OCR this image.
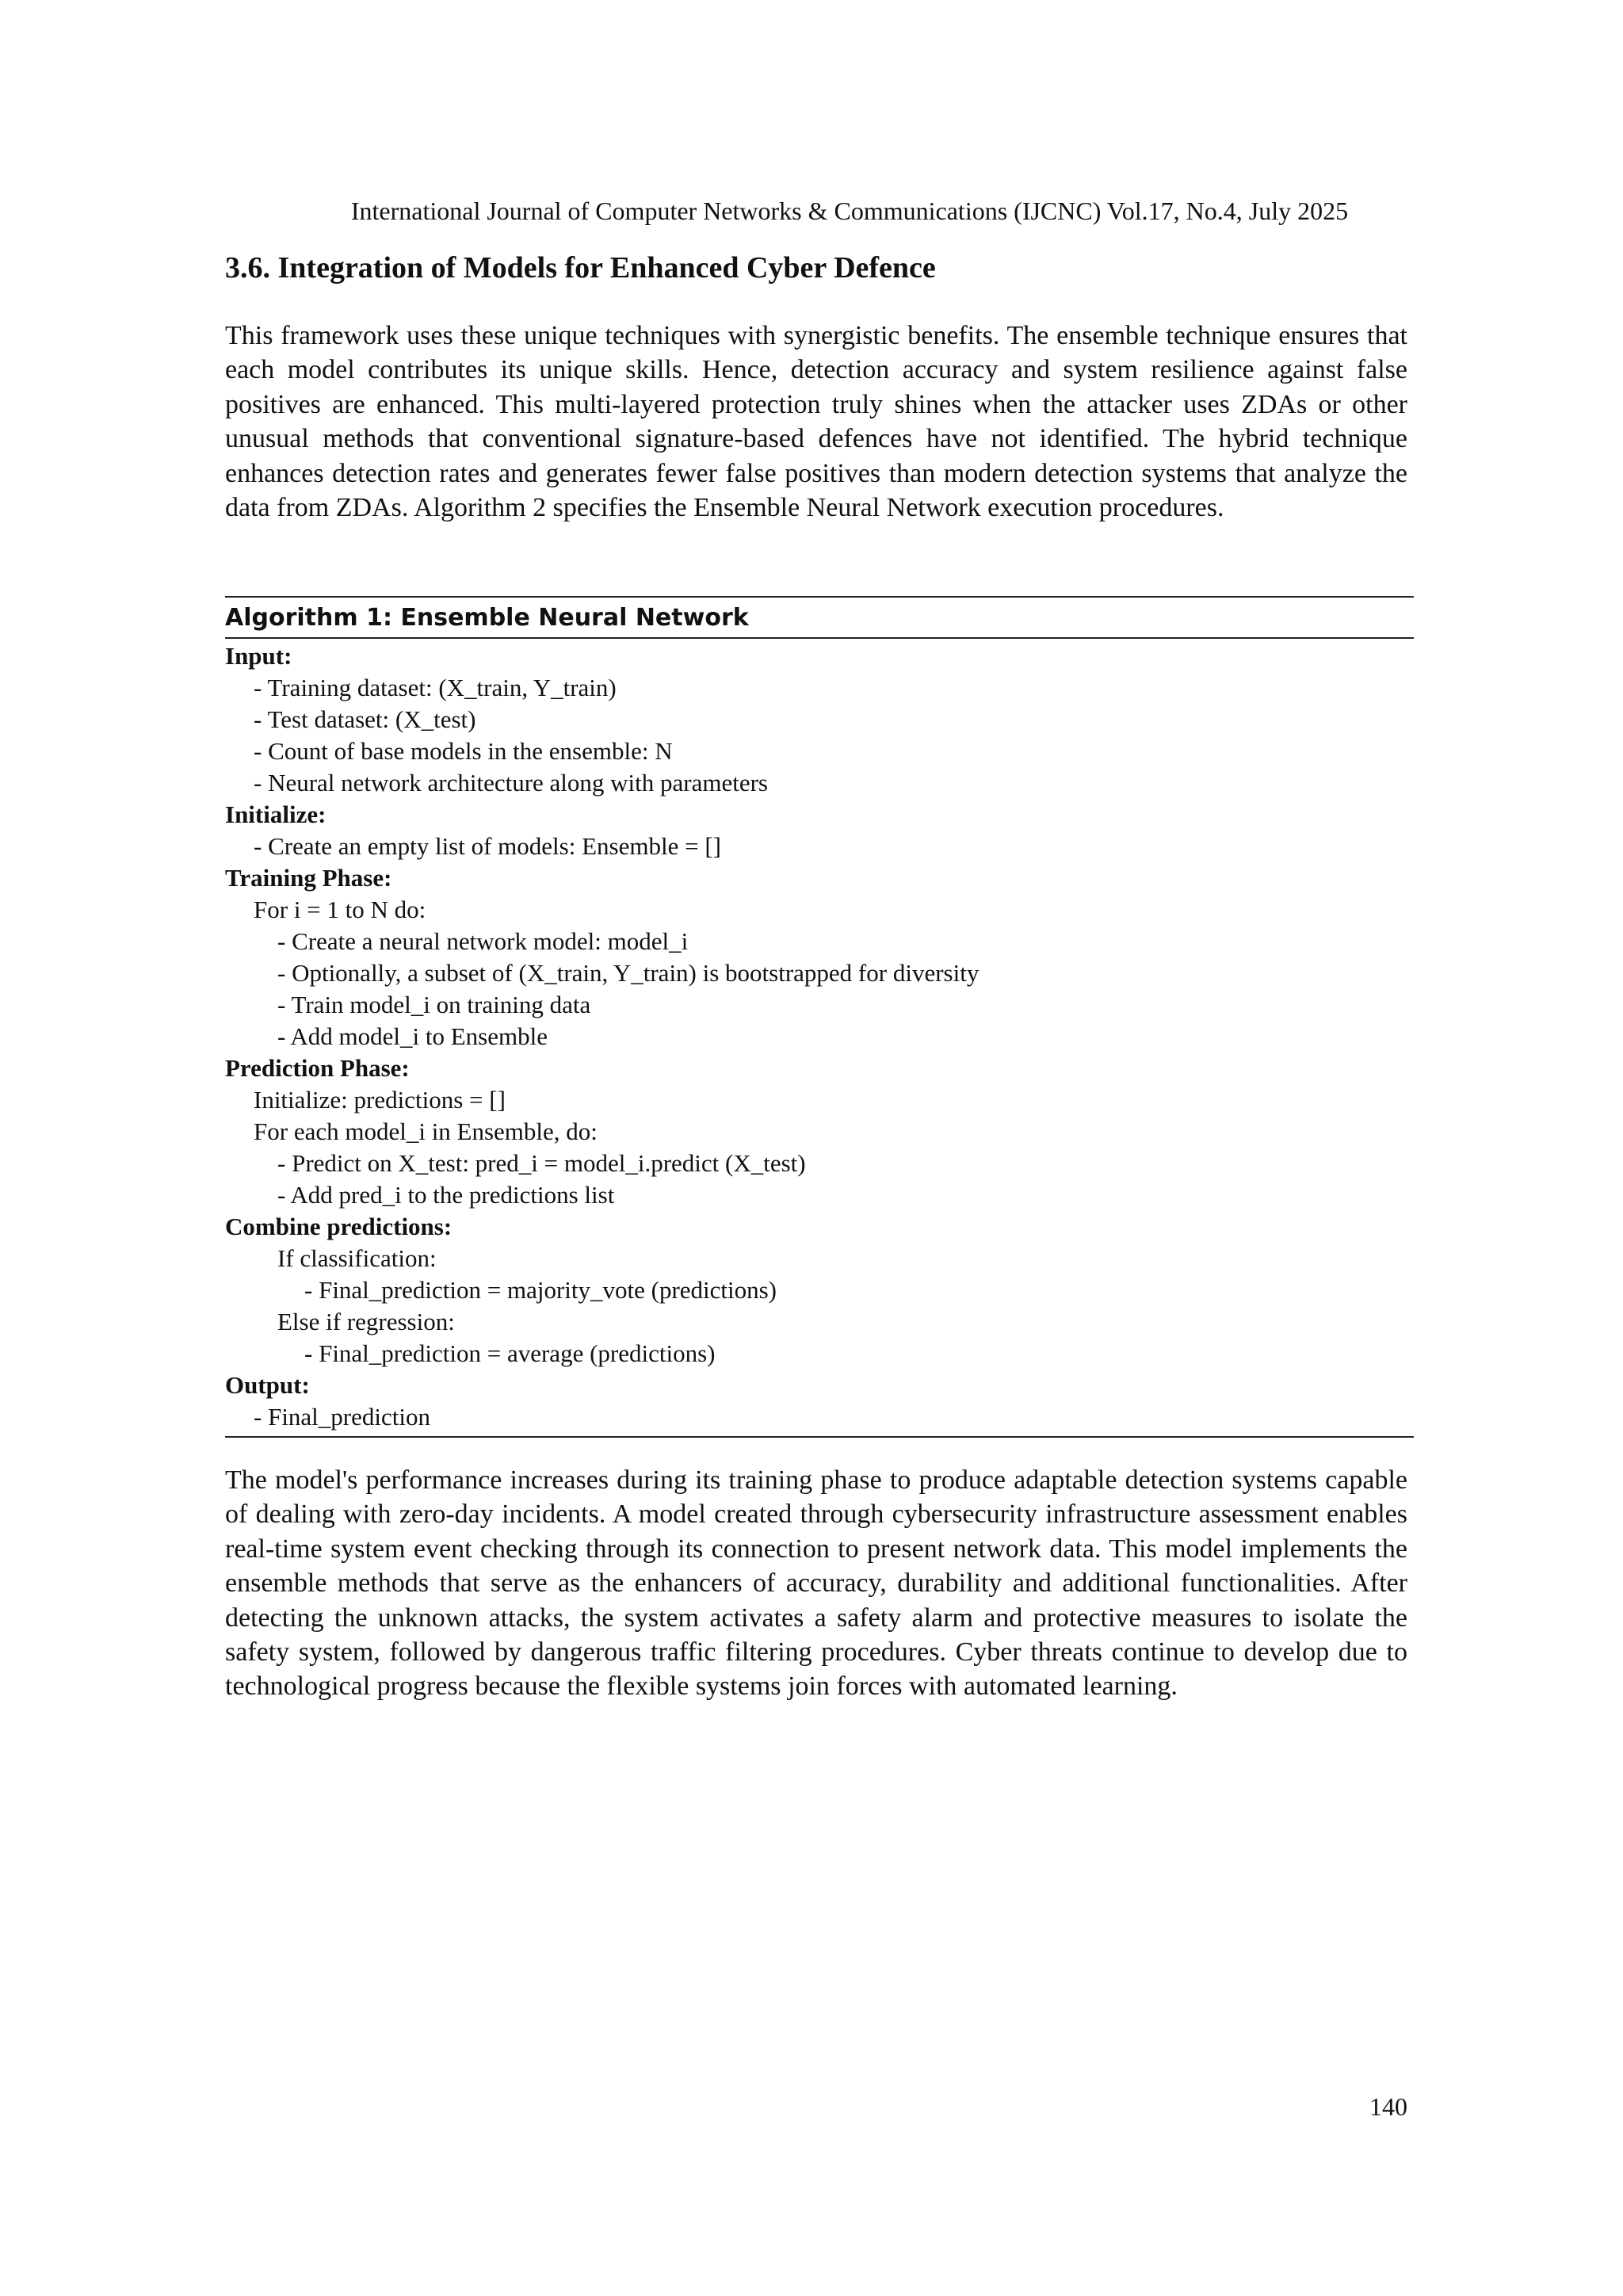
International Journal of Computer Networks & Communications (IJCNC) Vol.17, No.4, July 2025
3.6. Integration of Models for Enhanced Cyber Defence

This framework uses these unique techniques with synergistic benefits. The ensemble technique ensures that each model contributes its unique skills. Hence, detection accuracy and system resilience against false positives are enhanced. This multi-layered protection truly shines when the attacker uses ZDAs or other unusual methods that conventional signature-based defences have not identified. The hybrid technique enhances detection rates and generates fewer false positives than modern detection systems that analyze the data from ZDAs. Algorithm 2 specifies the Ensemble Neural Network execution procedures.

Algorithm 1: Ensemble Neural Network
Input:
- Training dataset: (X_train, Y_train)
- Test dataset: (X_test)
- Count of base models in the ensemble: N
- Neural network architecture along with parameters
Initialize:
- Create an empty list of models: Ensemble = []
Training Phase:
For i = 1 to N do:
- Create a neural network model: model_i
- Optionally, a subset of (X_train, Y_train) is bootstrapped for diversity
- Train model_i on training data
- Add model_i to Ensemble
Prediction Phase:
Initialize: predictions = []
For each model_i in Ensemble, do:
- Predict on X_test: pred_i = model_i.predict (X_test)
- Add pred_i to the predictions list
Combine predictions:
If classification:
- Final_prediction = majority_vote (predictions)
Else if regression:
- Final_prediction = average (predictions)
Output:
- Final_prediction

The model's performance increases during its training phase to produce adaptable detection systems capable of dealing with zero-day incidents. A model created through cybersecurity infrastructure assessment enables real-time system event checking through its connection to present network data. This model implements the ensemble methods that serve as the enhancers of accuracy, durability and additional functionalities. After detecting the unknown attacks, the system activates a safety alarm and protective measures to isolate the safety system, followed by dangerous traffic filtering procedures. Cyber threats continue to develop due to technological progress because the flexible systems join forces with automated learning.

140
